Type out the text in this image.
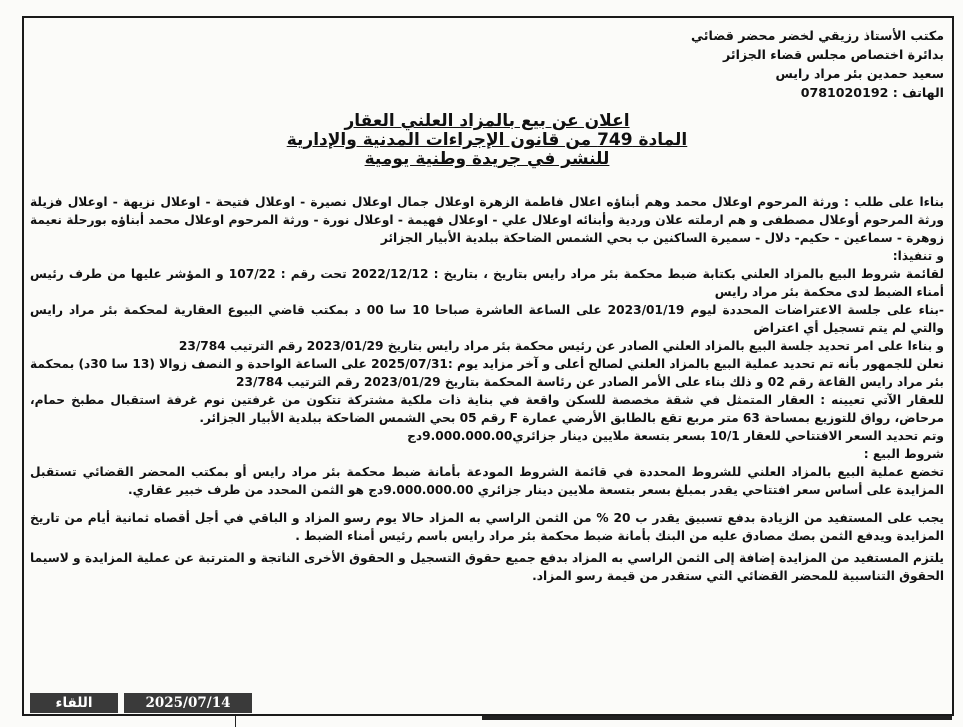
مكتب الأستاذ رزيقي لخضر محضر قضائي
بدائرة اختصاص مجلس قضاء الجزائر
سعيد حمدين بئر مراد رايس
الهاتف : 0781020192
اعلان عن بيع بالمزاد العلني العقار
المادة 749 من قانون الإجراءات المدنية والإدارية
للنشر في جريدة وطنية يومية

بناءا على طلب : ورثة المرحوم اوعلال محمد وهم أبناؤه اعلال فاطمة الزهرة اوعلال جمال اوعلال نصيرة - اوعلال فتيحة - اوعلال نزيهة - اوعلال فزيلة ورثة المرحوم أوعلال مصطفى و هم ارملته علان وردية وأبنائه اوعلال علي - اوعلال فهيمة - اوعلال نورة - ورثة المرحوم اوعلال محمد أبناؤه بورحلة نعيمة زوهرة - سماعين - حكيم- دلال - سميرة الساكنين ب بحي الشمس الضاحكة ببلدية الأبيار الجزائر

و تنفيذا:

لقائمة شروط البيع بالمزاد العلني بكتابة ضبط محكمة بئر مراد رايس بتاريخ ، بتاريخ : 2022/12/12 تحت رقم : 107/22 و المؤشر عليها من طرف رئيس أمناء الضبط لدى محكمة بئر مراد رايس

-بناء على جلسة الاعتراضات المحددة ليوم 2023/01/19 على الساعة العاشرة صباحا 10 سا 00 د بمكتب قاضي البيوع العقارية لمحكمة بئر مراد رايس والتي لم يتم تسجيل أي اعتراض

و بناءا على امر تحديد جلسة البيع بالمزاد العلني الصادر عن رئيس محكمة بئر مراد رايس بتاريخ 2023/01/29 رقم الترتيب 23/784

نعلن للجمهور بأنه تم تحديد عملية البيع بالمزاد العلني لصالح أعلى و آخر مزايد يوم :2025/07/31 على الساعة الواحدة و النصف زوالا (13 سا 30د) بمحكمة بئر مراد رايس القاعة رقم 02 و ذلك بناء على الأمر الصادر عن رئاسة المحكمة بتاريخ 2023/01/29 رقم الترتيب 23/784

للعقار الآتي تعيينه : العقار المتمثل في شقة مخصصة للسكن واقعة في بناية ذات ملكية مشتركة تتكون من غرفتين نوم غرفة استقبال مطبخ حمام، مرحاض، رواق للتوزيع بمساحة 63 متر مربع تقع بالطابق الأرضي عمارة F رقم 05 بحي الشمس الضاحكة ببلدية الأبيار الجزائر.

وتم تحديد السعر الافتتاحي للعقار 10/1 بسعر بتسعة ملايين دينار جزائري9.000.000.00دج

شروط البيع :

تخضع عملية البيع بالمزاد العلني للشروط المحددة في قائمة الشروط المودعة بأمانة ضبط محكمة بئر مراد رايس أو بمكتب المحضر القضائي تستقبل المزايدة على أساس سعر افتتاحي يقدر بمبلغ بسعر بتسعة ملايين دينار جزائري 9.000.000.00دج هو الثمن المحدد من طرف خبير عقاري.

يجب على المستفيد من الزيادة بدفع تسبيق يقدر ب 20 % من الثمن الراسي به المزاد حالا يوم رسو المزاد و الباقي في أجل أقصاه ثمانية أيام من تاريخ المزايدة ويدفع الثمن بصك مصادق عليه من البنك بأمانة ضبط محكمة بئر مراد رايس باسم رئيس أمناء الضبط .

يلتزم المستفيد من المزايدة إضافة إلى الثمن الراسي به المزاد بدفع جميع حقوق التسجيل و الحقوق الأخرى الناتجة و المترتبة عن عملية المزايدة و لاسيما الحقوق التناسبية للمحضر القضائي التي ستقدر من قيمة رسو المزاد.

اللقاء	2025/07/14
